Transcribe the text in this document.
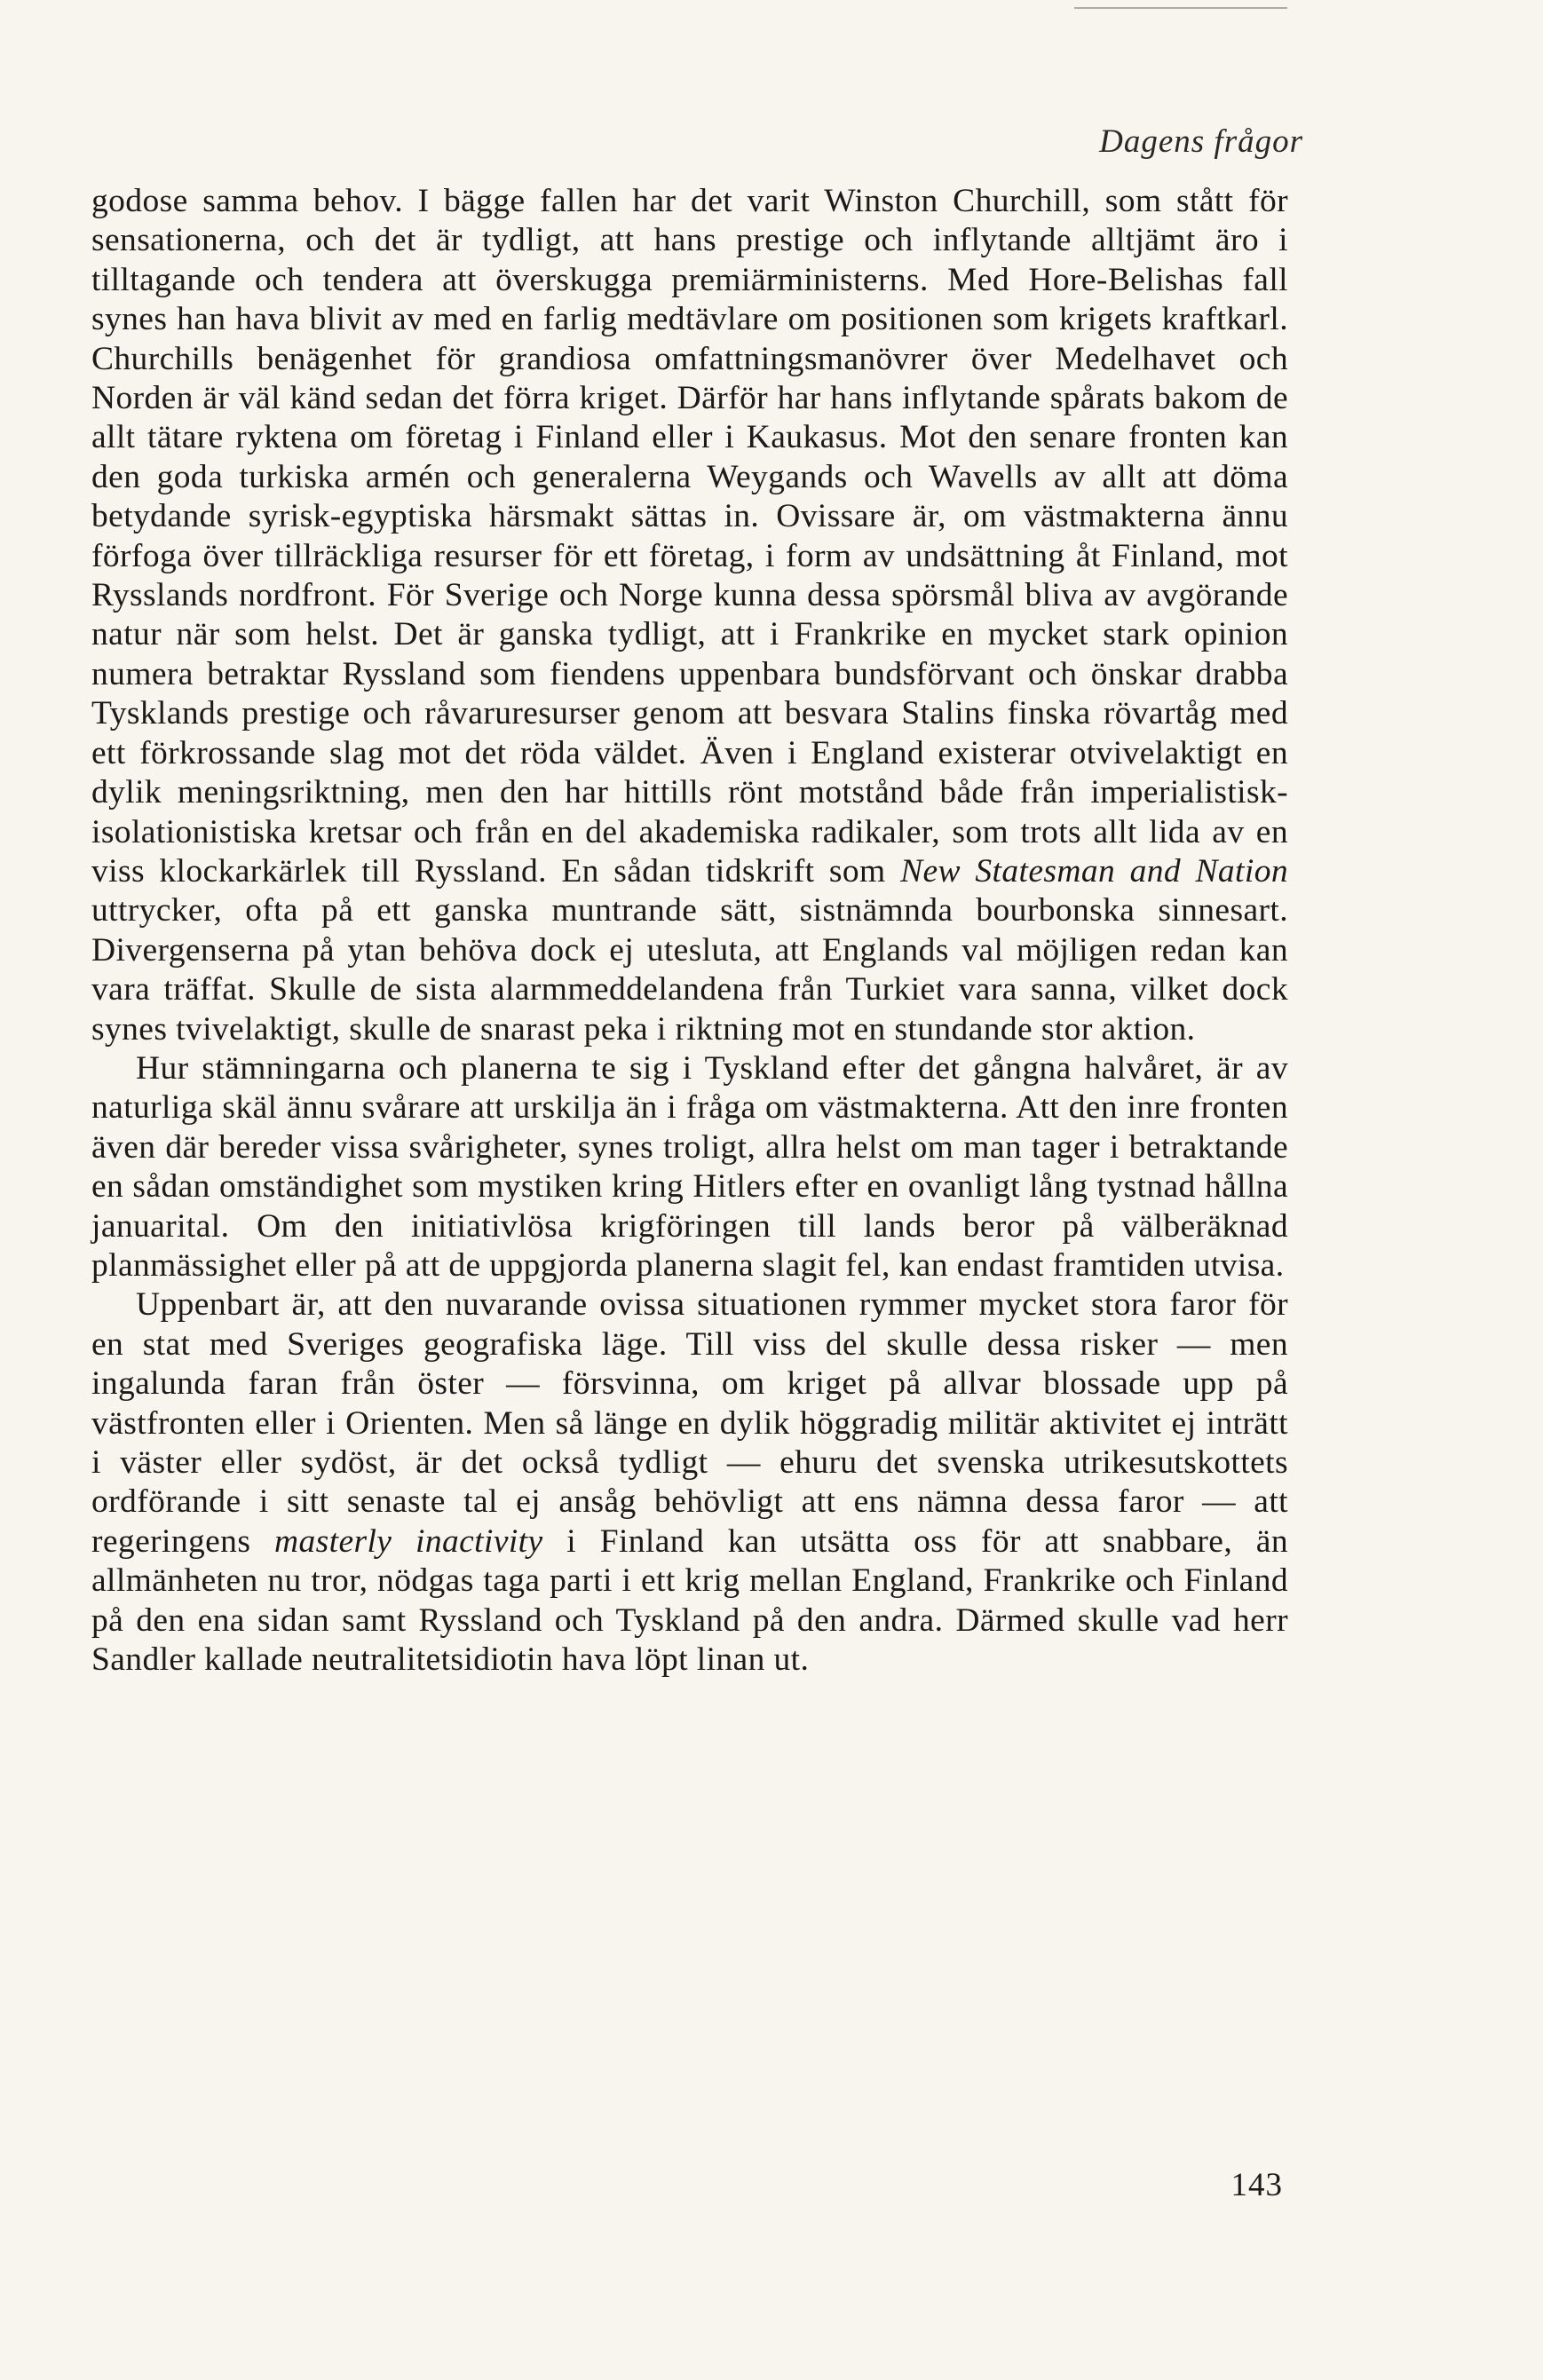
Dagens frågor

godose samma behov. I bägge fallen har det varit Winston Churchill, som stått för sensationerna, och det är tydligt, att hans prestige och inflytande alltjämt äro i tilltagande och tendera att överskugga premiärministerns. Med Hore-Belishas fall synes han hava blivit av med en farlig medtävlare om positionen som krigets kraftkarl. Churchills benägenhet för grandiosa omfattningsmanövrer över Medelhavet och Norden är väl känd sedan det förra kriget. Därför har hans inflytande spårats bakom de allt tätare ryktena om företag i Finland eller i Kaukasus. Mot den senare fronten kan den goda turkiska armén och generalerna Weygands och Wavells av allt att döma betydande syrisk-egyptiska härsmakt sättas in. Ovissare är, om västmakterna ännu förfoga över tillräckliga resurser för ett företag, i form av undsättning åt Finland, mot Rysslands nordfront. För Sverige och Norge kunna dessa spörsmål bliva av avgörande natur när som helst. Det är ganska tydligt, att i Frankrike en mycket stark opinion numera betraktar Ryssland som fiendens uppenbara bundsförvant och önskar drabba Tysklands prestige och råvaruresurser genom att besvara Stalins finska rövartåg med ett förkrossande slag mot det röda väldet. Även i England existerar otvivelaktigt en dylik meningsriktning, men den har hittills rönt motstånd både från imperialistisk-isolationistiska kretsar och från en del akademiska radikaler, som trots allt lida av en viss klockarkärlek till Ryssland. En sådan tidskrift som New Statesman and Nation uttrycker, ofta på ett ganska muntrande sätt, sistnämnda bourbonska sinnesart. Divergenserna på ytan behöva dock ej utesluta, att Englands val möjligen redan kan vara träffat. Skulle de sista alarmmeddelandena från Turkiet vara sanna, vilket dock synes tvivelaktigt, skulle de snarast peka i riktning mot en stundande stor aktion.

Hur stämningarna och planerna te sig i Tyskland efter det gångna halvåret, är av naturliga skäl ännu svårare att urskilja än i fråga om västmakterna. Att den inre fronten även där bereder vissa svårigheter, synes troligt, allra helst om man tager i betraktande en sådan omständighet som mystiken kring Hitlers efter en ovanligt lång tystnad hållna januarital. Om den initiativlösa krigföringen till lands beror på välberäknad planmässighet eller på att de uppgjorda planerna slagit fel, kan endast framtiden utvisa.

Uppenbart är, att den nuvarande ovissa situationen rymmer mycket stora faror för en stat med Sveriges geografiska läge. Till viss del skulle dessa risker — men ingalunda faran från öster — försvinna, om kriget på allvar blossade upp på västfronten eller i Orienten. Men så länge en dylik höggradig militär aktivitet ej inträtt i väster eller sydöst, är det också tydligt — ehuru det svenska utrikesutskottets ordförande i sitt senaste tal ej ansåg behövligt att ens nämna dessa faror — att regeringens masterly inactivity i Finland kan utsätta oss för att snabbare, än allmänheten nu tror, nödgas taga parti i ett krig mellan England, Frankrike och Finland på den ena sidan samt Ryssland och Tyskland på den andra. Därmed skulle vad herr Sandler kallade neutralitetsidiotin hava löpt linan ut.

143
